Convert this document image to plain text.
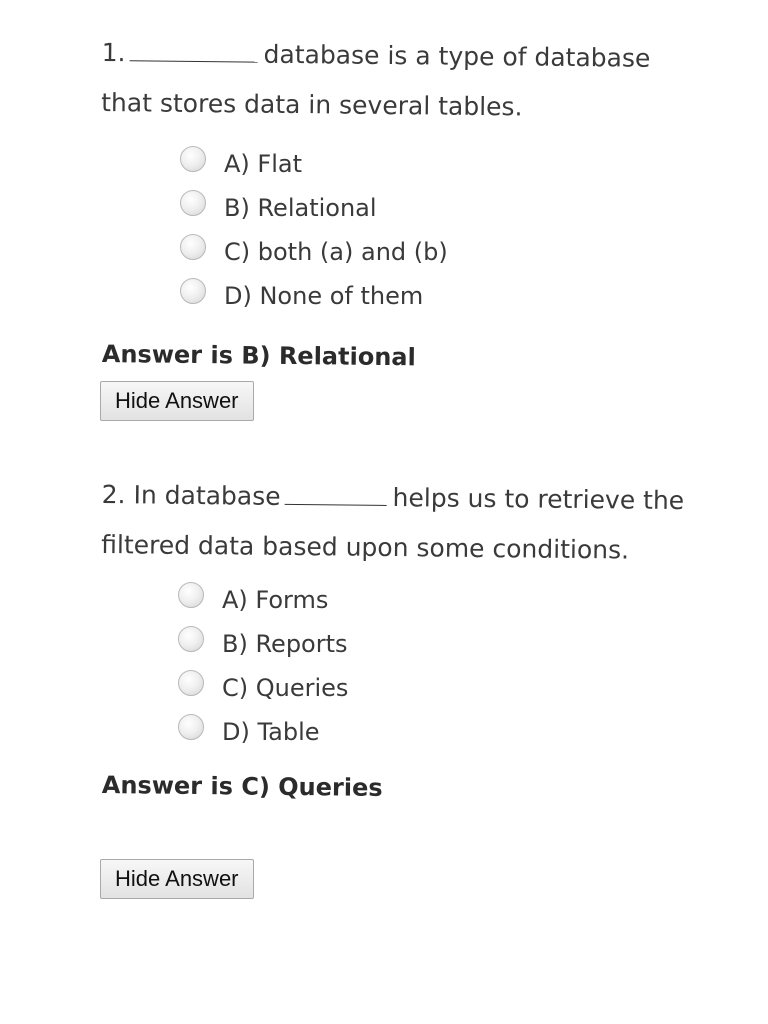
1.	database is a type of database that stores data in several tables.
A) Flat
B) Relational
C) both (a) and (b)
D) None of them
Answer is B) Relational
Hide Answer
2. In database	helps us to retrieve the filtered data based upon some conditions.
A) Forms
B) Reports
C) Queries
D) Table
Answer is C) Queries
Hide Answer
